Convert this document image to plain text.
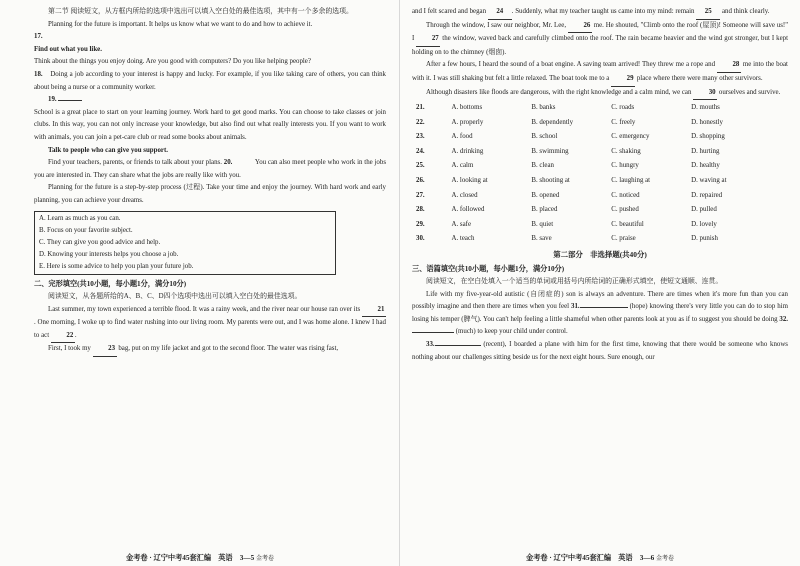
第二节 阅读短文，从方框内所给的选项中选出可以填入空白处的最佳选项，其中有一个多余的选项。

Planning for the future is important. It helps us know what we want to do and how to achieve it.

17.

Find out what you like.

Think about the things you enjoy doing. Are you good with computers? Do you like helping people?

18.　 Doing a job according to your interest is happy and lucky. For example, if you like taking care of others, you can think about being a nurse or a community worker.

19.

School is a great place to start on your learning journey. Work hard to get good marks. You can choose to take classes or join clubs. In this way, you can not only increase your knowledge, but also find out what really interests you. If you want to work with animals, you can join a pet-care club or read some books about animals.

Talk to people who can give you support.

Find your teachers, parents, or friends to talk about your plans. 20.　　　	You can also meet people who work in the jobs you are interested in. They can share what the jobs are really like with you.

Planning for the future is a step-by-step process (过程). Take your time and enjoy the journey. With hard work and early planning, you can achieve your dreams.

A. Learn as much as you can.

B. Focus on your favorite subject.

C. They can give you good advice and help.

D. Knowing your interests helps you choose a job.

E. Here is some advice to help you plan your future job.

二、完形填空(共10小题，每小题1分，满分10分)

阅读短文，从各题所给的A、B、C、D四个选项中选出可以填入空白处的最佳选项。

Last summer, my town experienced a terrible flood. It was a rainy week, and the river near our house ran over its	21. One morning, I woke up to find water rushing into our living room. My parents were out, and I was home alone. I knew I had to act	22 .

First, I took my	23 bag, put on my life jacket and got to the second floor. The water was rising fast,

金考卷 · 辽宁中考45套汇编　英语　3—5 金考卷

and I felt scared and began 24 . Suddenly, what my teacher taught us came into my mind: remain 25 and think clearly.

Through the window, I saw our neighbor, Mr. Lee,	26 me. He shouted, "Climb onto the roof (屋顶)! Someone will save us!" I	27 the window, waved back and carefully climbed onto the roof. The rain became heavier and the wind got stronger, but I kept holding on to the chimney (烟囱).

After a few hours, I heard the sound of a boat engine. A saving team arrived! They threw me a rope and	28 me into the boat with it. I was still shaking but felt a little relaxed. The boat took me to a	29 place where there were many other survivors.

Although disasters like floods are dangerous, with the right knowledge and a calm mind, we can	30 ourselves and survive.

21.	A. bottoms	B. banks	C. roads	D. mouths
22.	A. properly	B. dependently	C. freely	D. honestly
23.	A. food	B. school	C. emergency	D. shopping
24.	A. drinking	B. swimming	C. shaking	D. hurting
25.	A. calm	B. clean	C. hungry	D. healthy
26.	A. looking at	B. shooting at	C. laughing at	D. waving at
27.	A. closed	B. opened	C. noticed	D. repaired
28.	A. followed	B. placed	C. pushed	D. pulled
29.	A. safe	B. quiet	C. beautiful	D. lovely
30.	A. teach	B. save	C. praise	D. punish
第二部分　非选择题(共40分)
三、语篇填空(共10小题，每小题1分，满分10分)

阅读短文，在空白处填入一个适当的单词或用括号内所给词的正确形式填空，使短文通顺、连贯。

Life with my five-year-old autistic (自闭症的) son is always an adventure. There are times when it's more fun than you can possibly imagine and then there are times when you feel 31.	(hope) knowing there's very little you can do to stop him losing his temper (脾气). You can't help feeling a little shameful when other parents look at you as if to suggest you should be doing 32. (much) to keep your child under control.

33.	(recent), I boarded a plane with him for the first time, knowing that there would be someone who knows nothing about our challenges sitting beside us for the next eight hours. Sure enough, our

金考卷 · 辽宁中考45套汇编　英语　3—6 金考卷
